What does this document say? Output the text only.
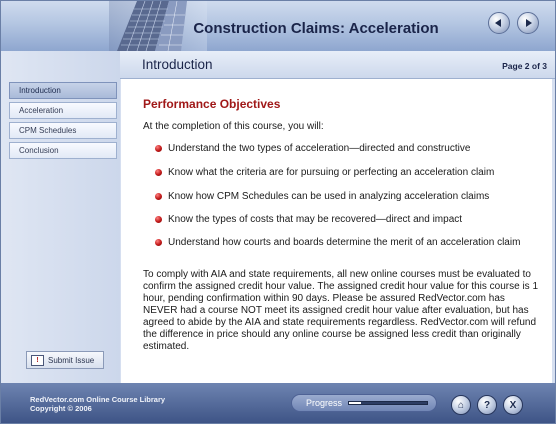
Construction Claims: Acceleration
Introduction
Acceleration
CPM Schedules
Conclusion
!	Submit Issue
Introduction	Page 2 of 3
Performance Objectives
At the completion of this course, you will:
Understand the two types of acceleration—directed and constructive
Know what the criteria are for pursuing or perfecting an acceleration claim
Know how CPM Schedules can be used in analyzing acceleration claims
Know the types of costs that may be recovered—direct and impact
Understand how courts and boards determine the merit of an acceleration claim
To comply with AIA and state requirements, all new online courses must be evaluated to confirm the assigned credit hour value. The assigned credit hour value for this course is 1 hour, pending confirmation within 90 days. Please be assured RedVector.com has NEVER had a course NOT meet its assigned credit hour value after evaluation, but has agreed to abide by the AIA and state requirements regardless. RedVector.com will refund the difference in price should any online course be assigned less credit than originally estimated.
RedVector.com Online Course Library
Copyright © 2006
Progress	⌂ ? X
